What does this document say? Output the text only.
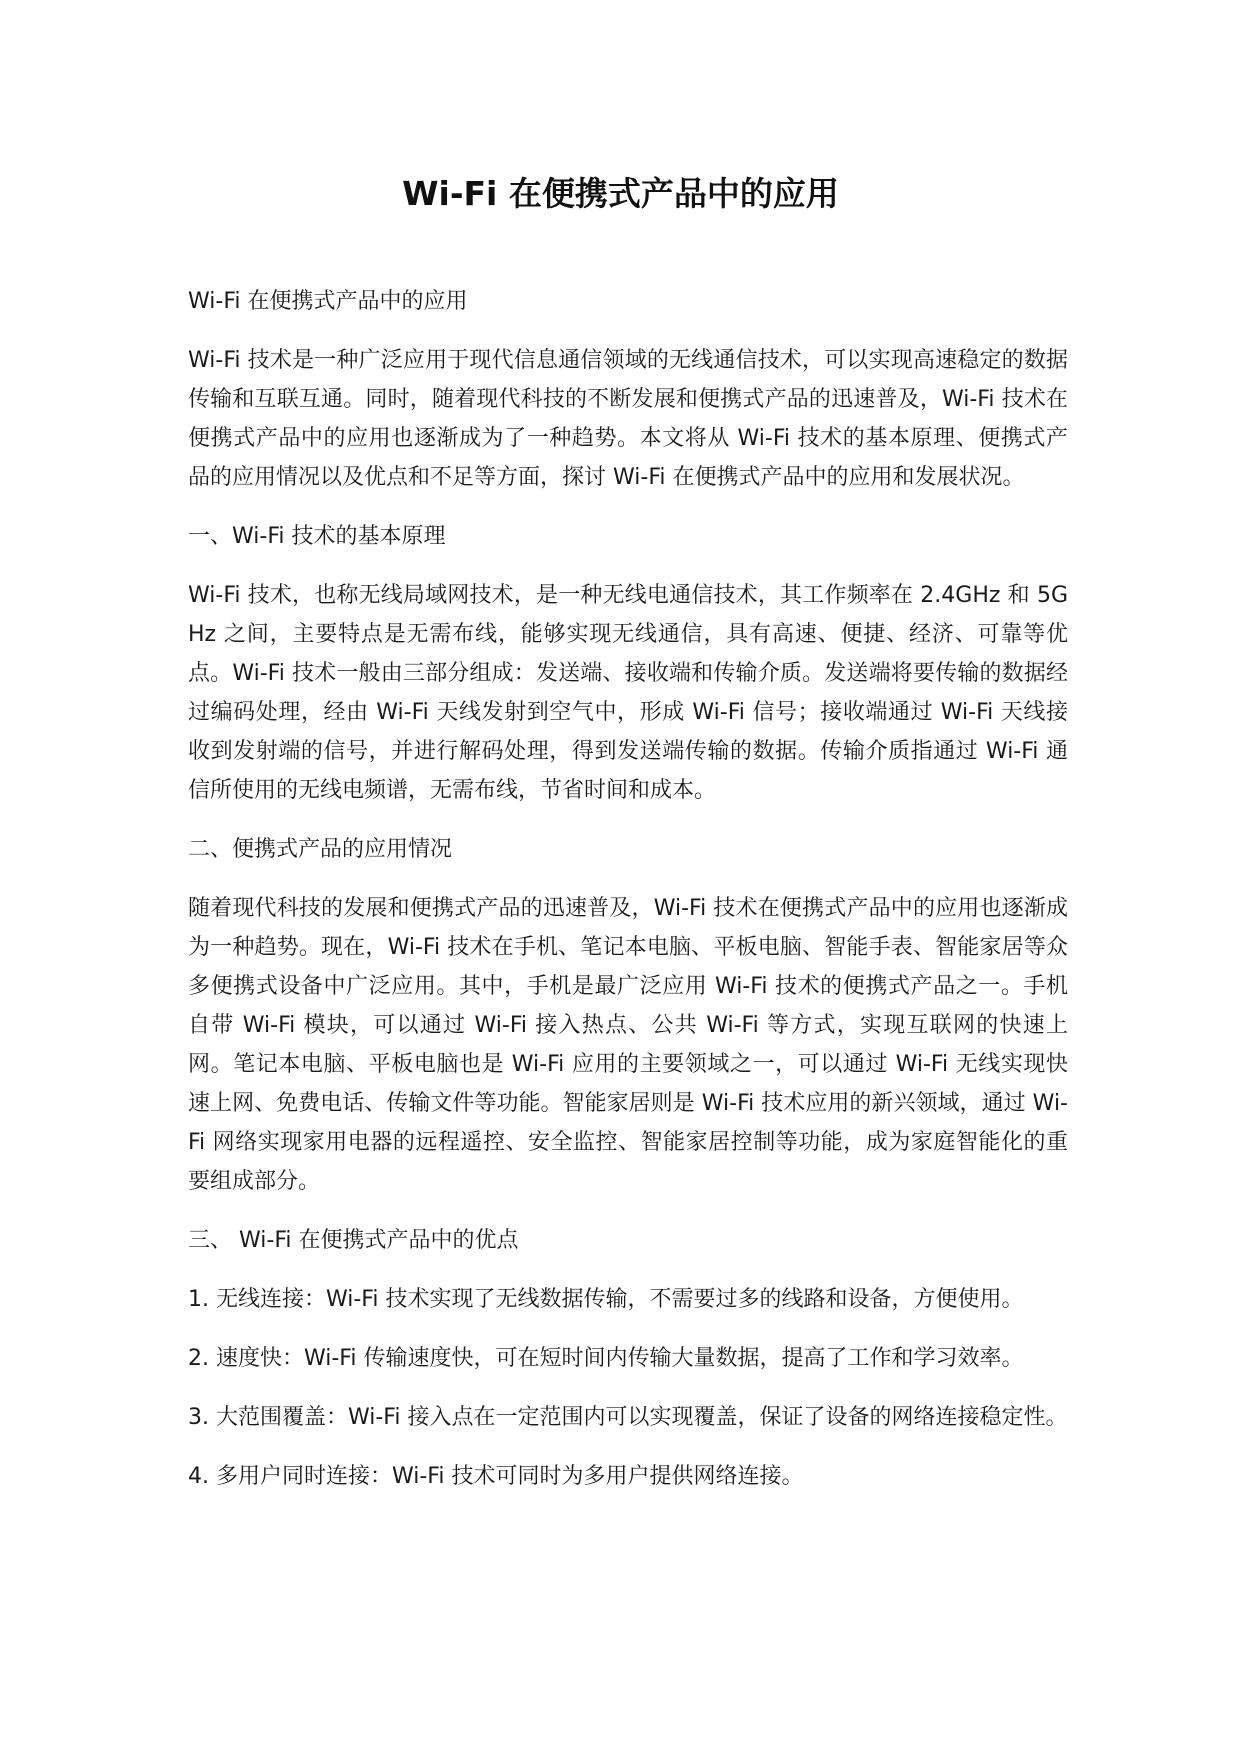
Wi-Fi 在便携式产品中的应用

Wi-Fi 在便携式产品中的应用

Wi-Fi 技术是一种广泛应用于现代信息通信领域的无线通信技术，可以实现高速稳定的数据传输和互联互通。同时，随着现代科技的不断发展和便携式产品的迅速普及，Wi-Fi 技术在便携式产品中的应用也逐渐成为了一种趋势。本文将从 Wi-Fi 技术的基本原理、便携式产品的应用情况以及优点和不足等方面，探讨 Wi-Fi 在便携式产品中的应用和发展状况。

一、Wi-Fi 技术的基本原理

Wi-Fi 技术，也称无线局域网技术，是一种无线电通信技术，其工作频率在 2.4GHz 和 5GHz 之间，主要特点是无需布线，能够实现无线通信，具有高速、便捷、经济、可靠等优点。Wi-Fi 技术一般由三部分组成：发送端、接收端和传输介质。发送端将要传输的数据经过编码处理，经由 Wi-Fi 天线发射到空气中，形成 Wi-Fi 信号；接收端通过 Wi-Fi 天线接收到发射端的信号，并进行解码处理，得到发送端传输的数据。传输介质指通过 Wi-Fi 通信所使用的无线电频谱，无需布线，节省时间和成本。

二、便携式产品的应用情况

随着现代科技的发展和便携式产品的迅速普及，Wi-Fi 技术在便携式产品中的应用也逐渐成为一种趋势。现在，Wi-Fi 技术在手机、笔记本电脑、平板电脑、智能手表、智能家居等众多便携式设备中广泛应用。其中，手机是最广泛应用 Wi-Fi 技术的便携式产品之一。手机自带 Wi-Fi 模块，可以通过 Wi-Fi 接入热点、公共 Wi-Fi 等方式，实现互联网的快速上网。笔记本电脑、平板电脑也是 Wi-Fi 应用的主要领域之一，可以通过 Wi-Fi 无线实现快速上网、免费电话、传输文件等功能。智能家居则是 Wi-Fi 技术应用的新兴领域，通过 Wi-Fi 网络实现家用电器的远程遥控、安全监控、智能家居控制等功能，成为家庭智能化的重要组成部分。

三、 Wi-Fi 在便携式产品中的优点

1. 无线连接：Wi-Fi 技术实现了无线数据传输，不需要过多的线路和设备，方便使用。

2. 速度快：Wi-Fi 传输速度快，可在短时间内传输大量数据，提高了工作和学习效率。

3. 大范围覆盖：Wi-Fi 接入点在一定范围内可以实现覆盖，保证了设备的网络连接稳定性。

4. 多用户同时连接：Wi-Fi 技术可同时为多用户提供网络连接。
